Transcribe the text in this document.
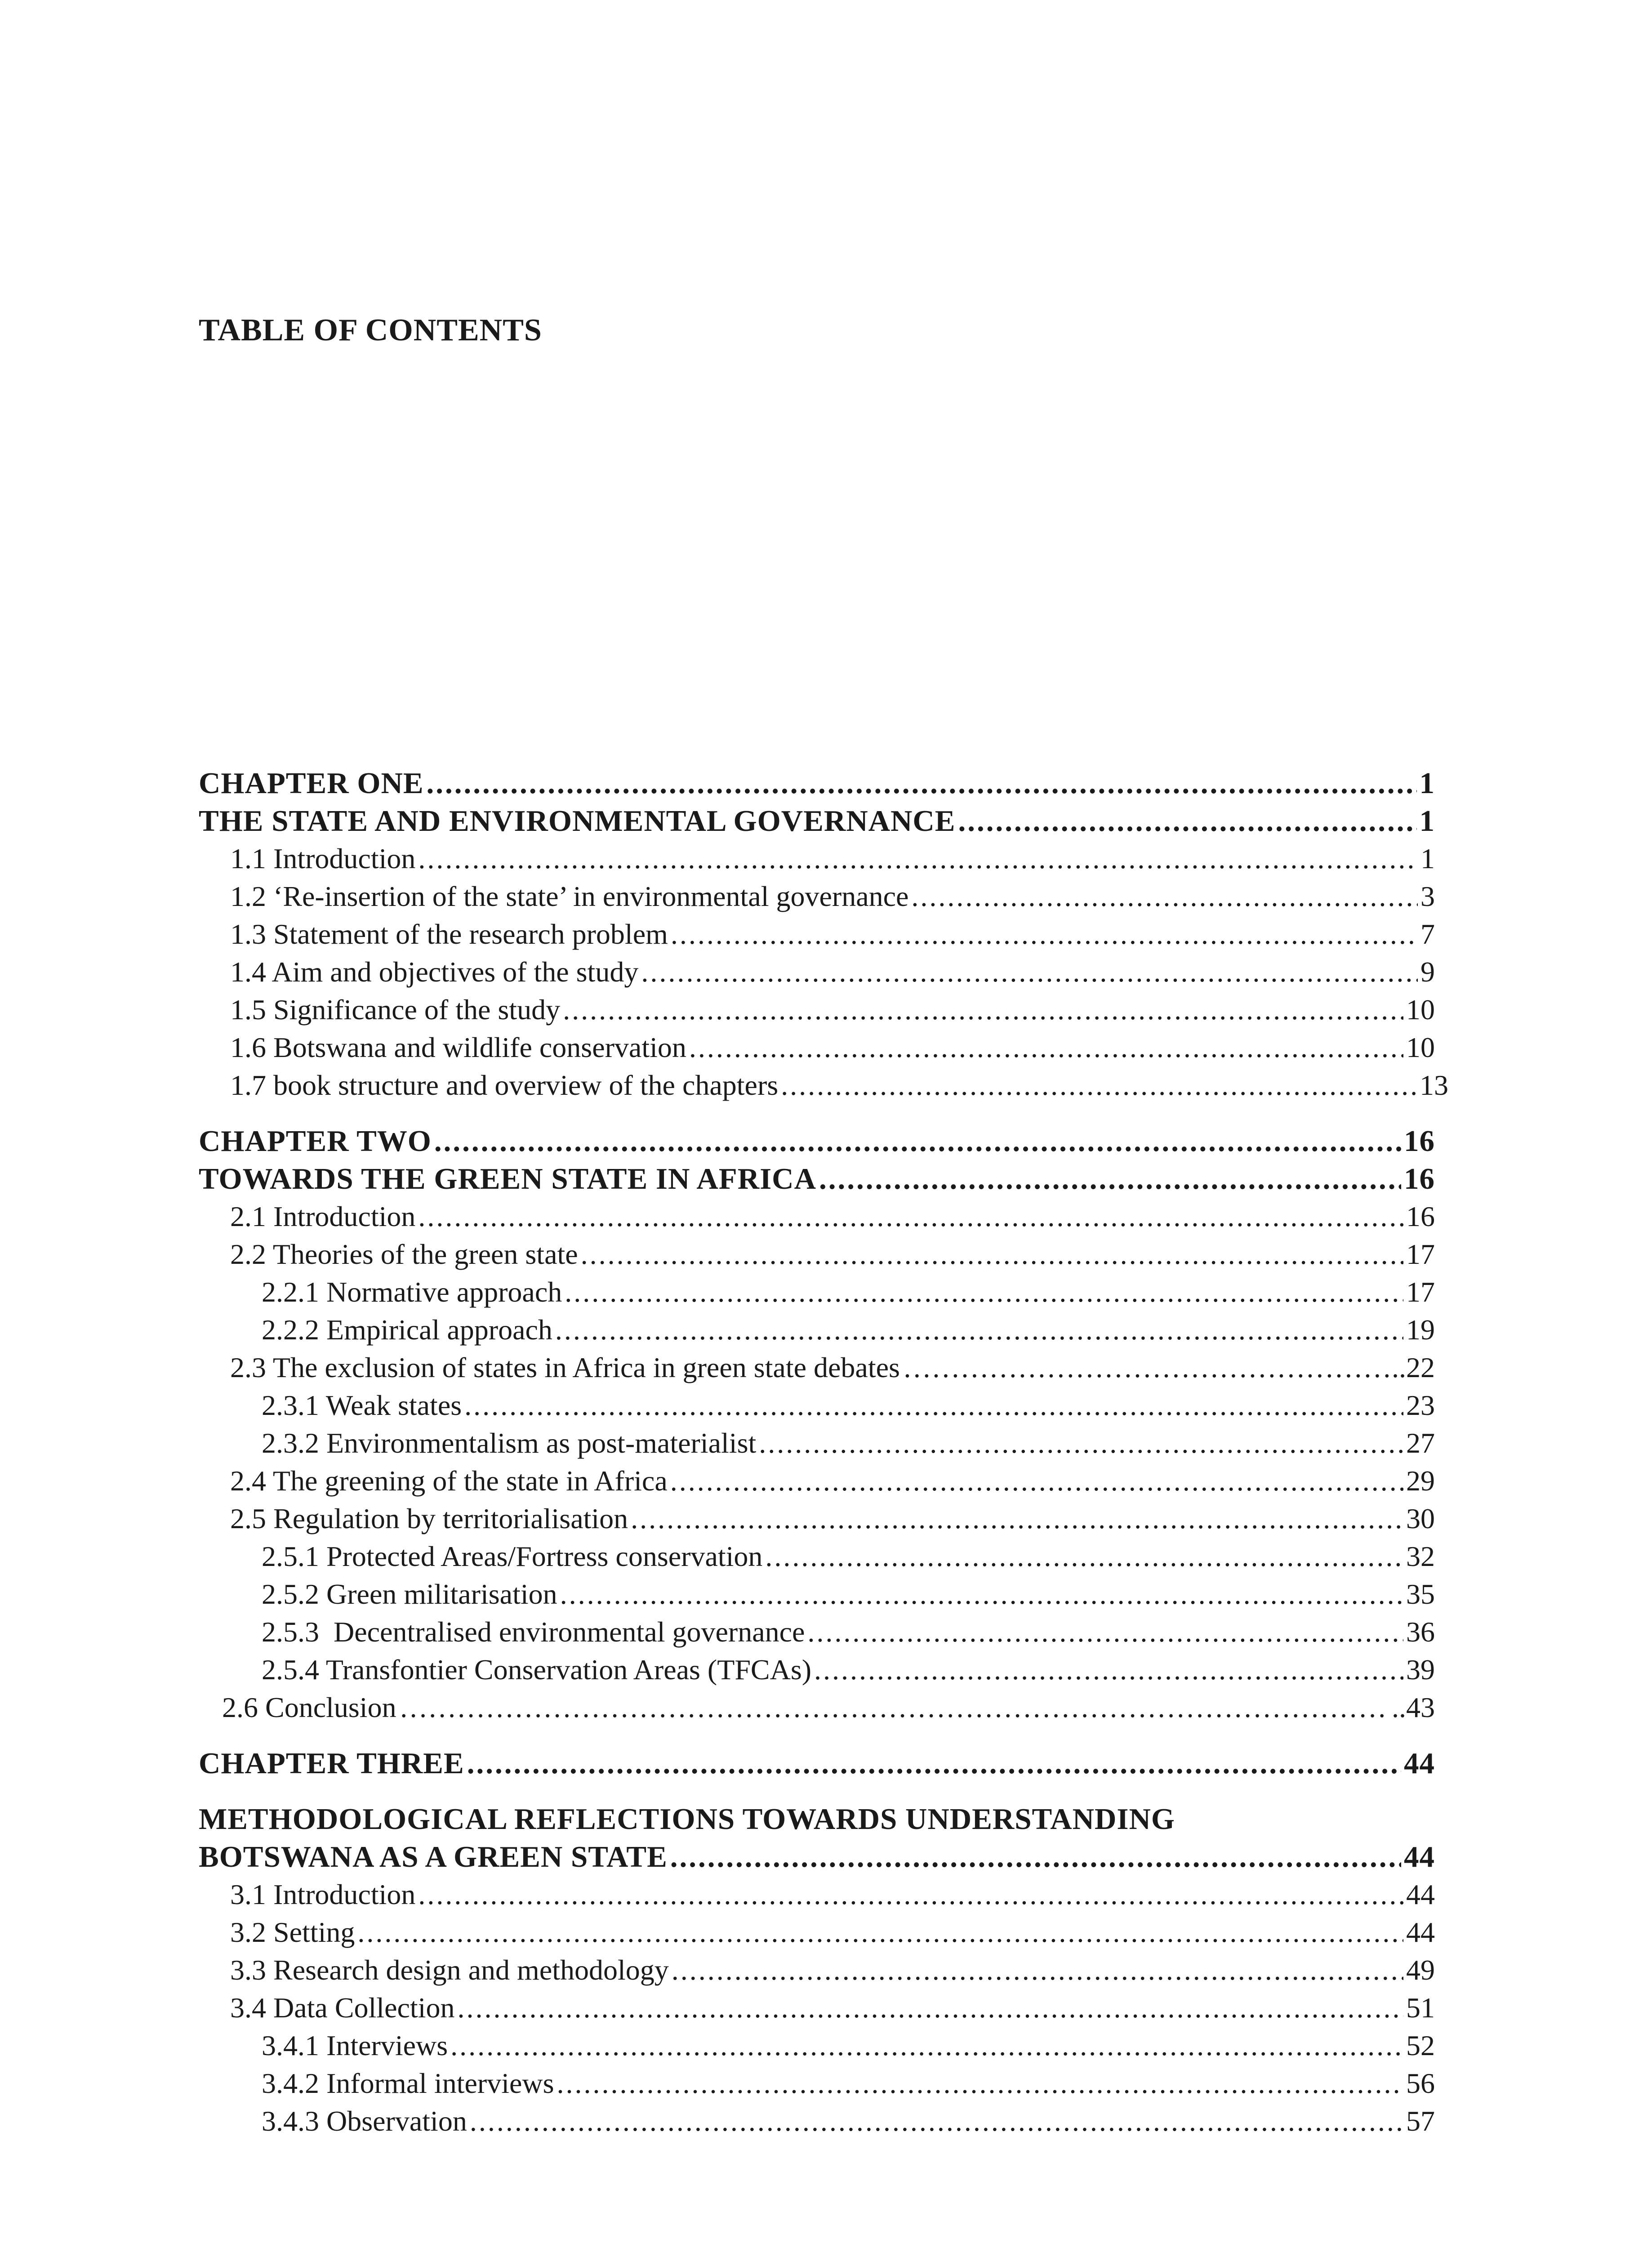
TABLE OF CONTENTS
CHAPTER ONE .....	1
THE STATE AND ENVIRONMENTAL GOVERNANCE .....	1
1.1 Introduction .....	1
1.2 ‘Re-insertion of the state’ in environmental governance .....	3
1.3 Statement of the research problem .....	7
1.4 Aim and objectives of the study .....	9
1.5 Significance of the study .....	10
1.6 Botswana and wildlife conservation .....	10
1.7 book structure and overview of the chapters .....	13
CHAPTER TWO .....	16
TOWARDS THE GREEN STATE IN AFRICA .....	16
2.1 Introduction .....	16
2.2 Theories of the green state .....	17
2.2.1 Normative approach .....	17
2.2.2 Empirical approach .....	19
2.3 The exclusion of states in Africa in green state debates ……………………………………………………………………………………………………………………………………………………………………………………………………	..22
2.3.1 Weak states .....	23
2.3.2 Environmentalism as post-materialist .....	27
2.4 The greening of the state in Africa .....	29
2.5 Regulation by territorialisation .....	30
2.5.1 Protected Areas/Fortress conservation .....	32
2.5.2 Green militarisation .....	35
2.5.3  Decentralised environmental governance .....	36
2.5.4 Transfontier Conservation Areas (TFCAs) .....	39
2.6 Conclusion ……………………………………………………………………………………………………………………………………………………………………………………………………	..43
CHAPTER THREE .....	44
METHODOLOGICAL REFLECTIONS TOWARDS UNDERSTANDING
BOTSWANA AS A GREEN STATE .....	44
3.1 Introduction .....	44
3.2 Setting .....	44
3.3 Research design and methodology .....	49
3.4 Data Collection .....	51
3.4.1 Interviews .....	52
3.4.2 Informal interviews .....	56
3.4.3 Observation .....	57
